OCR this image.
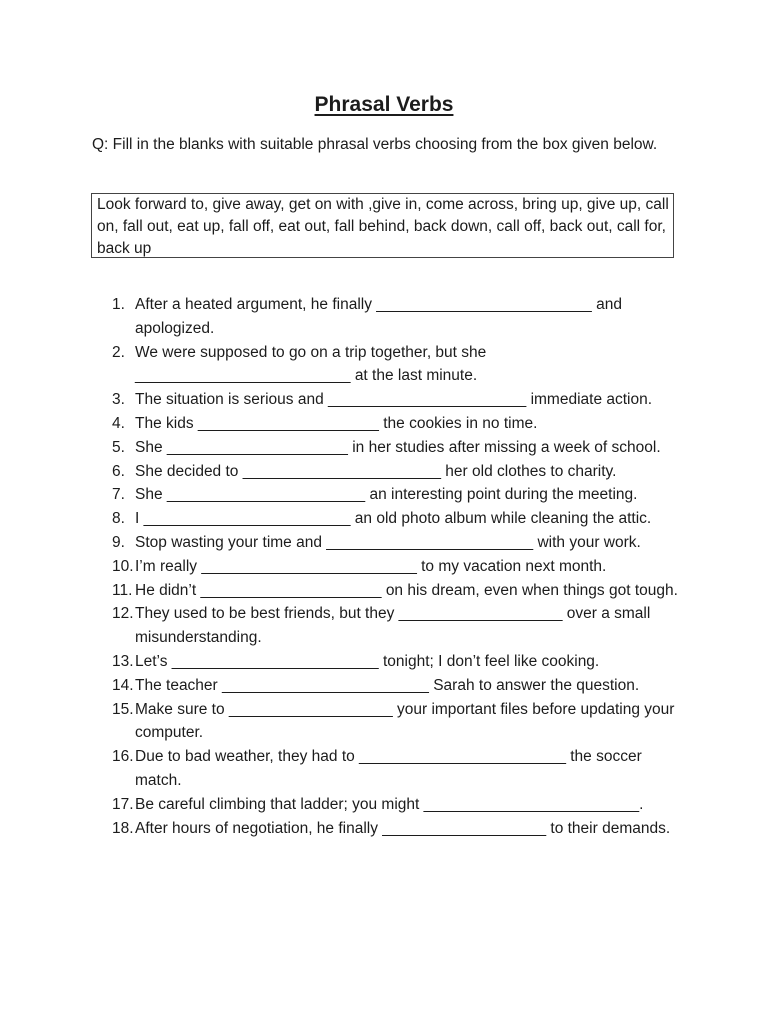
Phrasal Verbs
Q: Fill in the blanks with suitable phrasal verbs choosing from the box given below.
Look forward to, give away, get on with ,give in, come across, bring up, give up, call on, fall out, eat up, fall off, eat out, fall behind, back down, call off, back out, call for, back up
1. After a heated argument, he finally _________________________ and apologized.
2. We were supposed to go on a trip together, but she _________________________ at the last minute.
3. The situation is serious and _______________________ immediate action.
4. The kids _____________________ the cookies in no time.
5. She _____________________ in her studies after missing a week of school.
6. She decided to _______________________ her old clothes to charity.
7. She _______________________ an interesting point during the meeting.
8. I ________________________ an old photo album while cleaning the attic.
9. Stop wasting your time and ________________________ with your work.
10. I’m really _________________________ to my vacation next month.
11. He didn’t _____________________ on his dream, even when things got tough.
12. They used to be best friends, but they ___________________ over a small misunderstanding.
13. Let’s ________________________ tonight; I don’t feel like cooking.
14. The teacher ________________________ Sarah to answer the question.
15. Make sure to ___________________ your important files before updating your computer.
16. Due to bad weather, they had to ________________________ the soccer match.
17. Be careful climbing that ladder; you might _________________________.
18. After hours of negotiation, he finally ___________________ to their demands.
